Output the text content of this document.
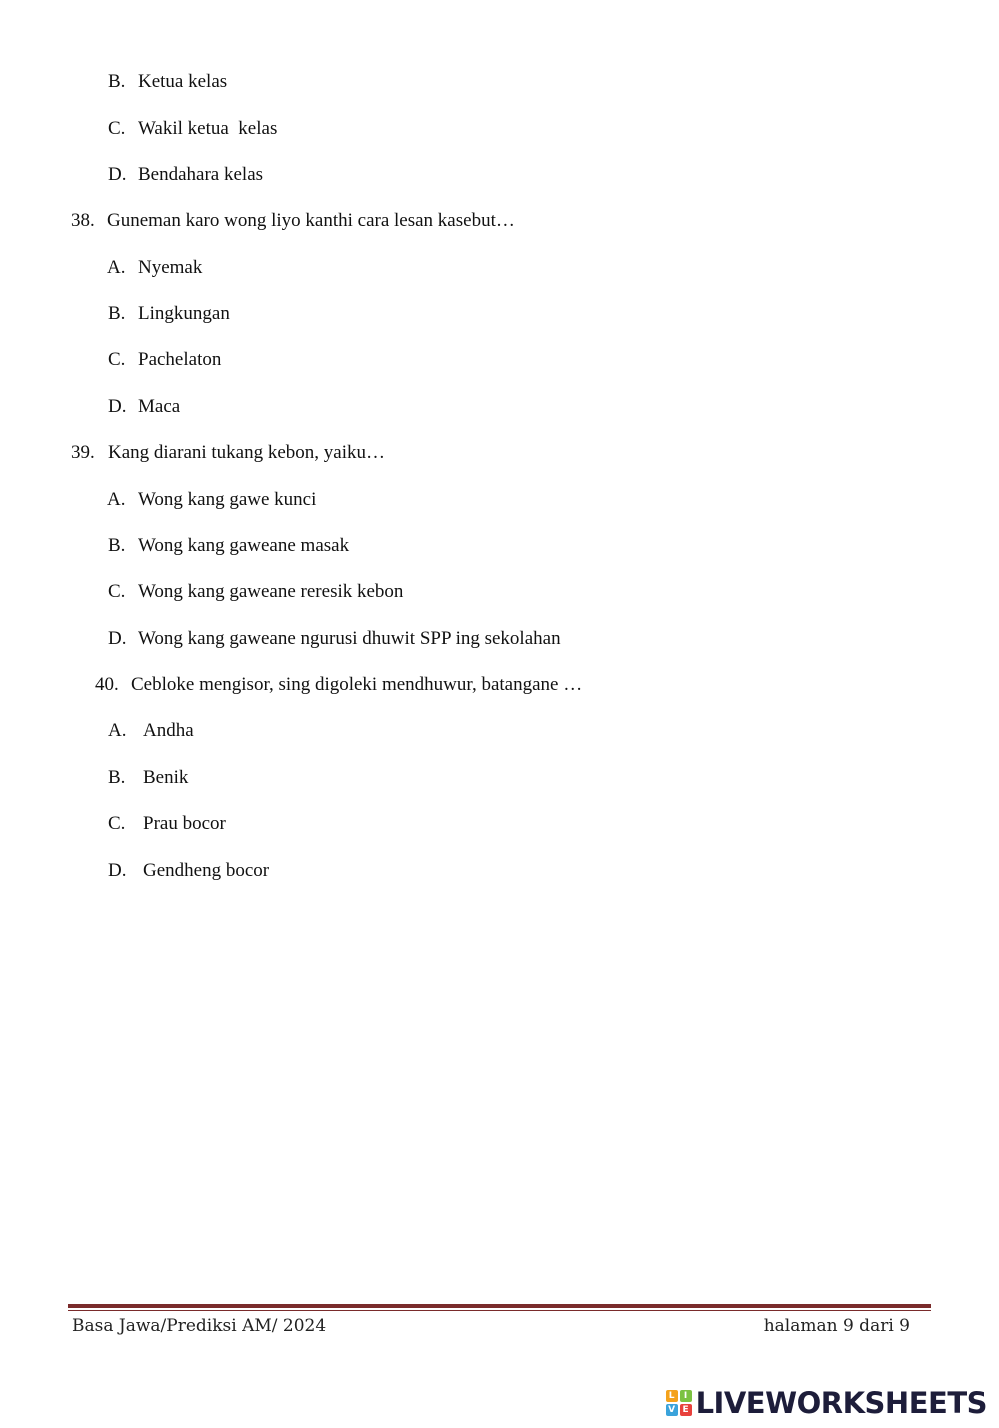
B. Ketua kelas
C. Wakil ketua  kelas
D. Bendahara kelas
38. Guneman karo wong liyo kanthi cara lesan kasebut…
A. Nyemak
B. Lingkungan
C. Pachelaton
D. Maca
39. Kang diarani tukang kebon, yaiku…
A. Wong kang gawe kunci
B. Wong kang gaweane masak
C. Wong kang gaweane reresik kebon
D. Wong kang gaweane ngurusi dhuwit SPP ing sekolahan
40. Cebloke mengisor, sing digoleki mendhuwur, batangane …
A. Andha
B. Benik
C. Prau bocor
D. Gendheng bocor
Basa Jawa/Prediksi AM/ 2024	halaman 9 dari 9
L	I
V E LIVEWORKSHEETS
